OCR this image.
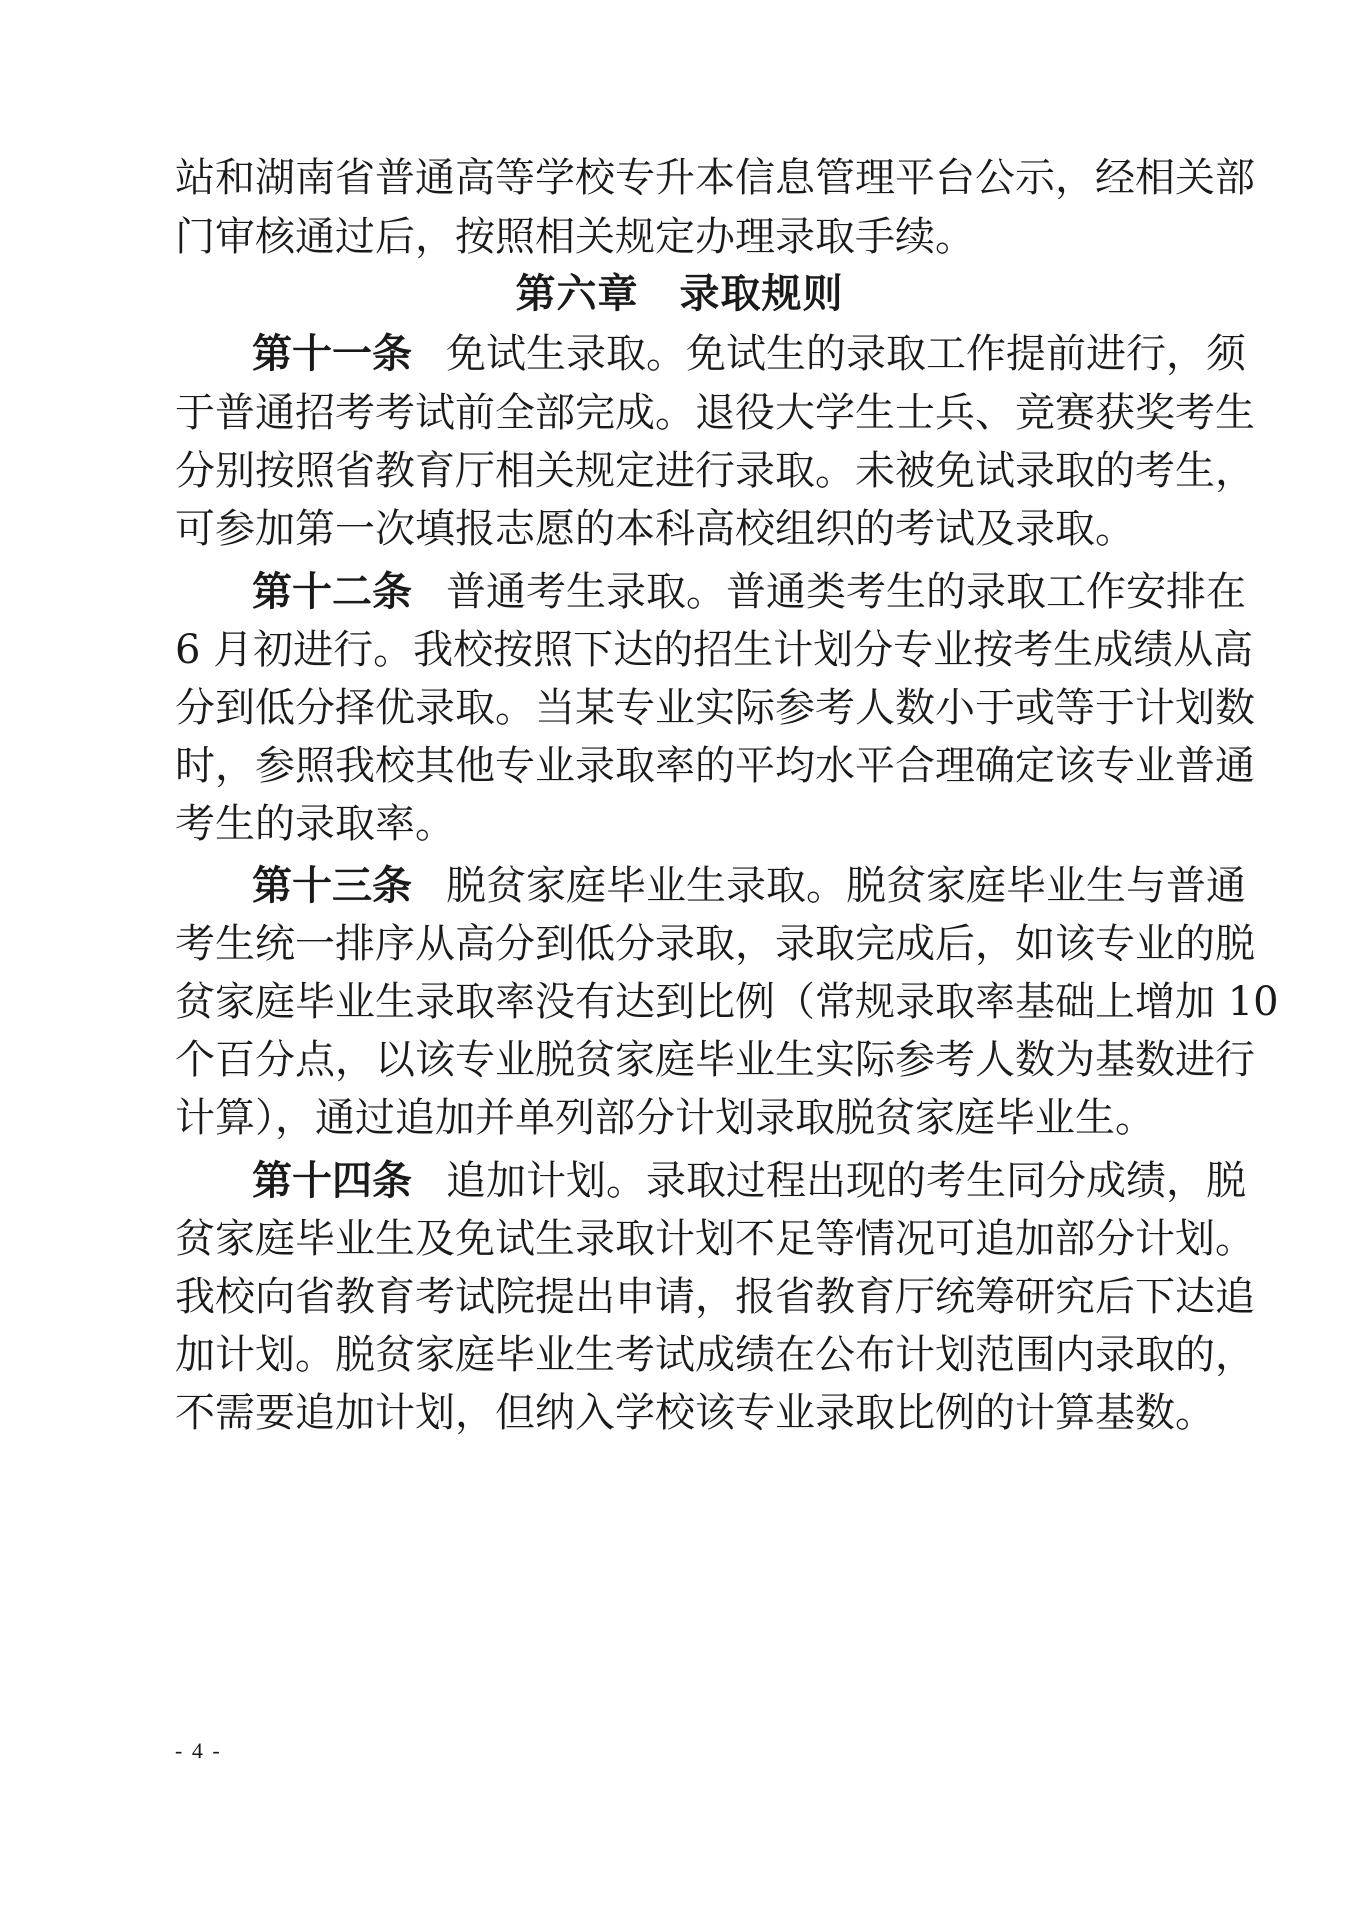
站和湖南省普通高等学校专升本信息管理平台公示，经相关部
门审核通过后，按照相关规定办理录取手续。
第六章　录取规则
第十一条 免试生录取。免试生的录取工作提前进行，须
于普通招考考试前全部完成。退役大学生士兵、竞赛获奖考生
分别按照省教育厅相关规定进行录取。未被免试录取的考生，
可参加第一次填报志愿的本科高校组织的考试及录取。
第十二条 普通考生录取。普通类考生的录取工作安排在
6 月初进行。我校按照下达的招生计划分专业按考生成绩从高
分到低分择优录取。当某专业实际参考人数小于或等于计划数
时，参照我校其他专业录取率的平均水平合理确定该专业普通
考生的录取率。
第十三条 脱贫家庭毕业生录取。脱贫家庭毕业生与普通
考生统一排序从高分到低分录取，录取完成后，如该专业的脱
贫家庭毕业生录取率没有达到比例（常规录取率基础上增加 10
个百分点，以该专业脱贫家庭毕业生实际参考人数为基数进行
计算），通过追加并单列部分计划录取脱贫家庭毕业生。
第十四条 追加计划。录取过程出现的考生同分成绩，脱
贫家庭毕业生及免试生录取计划不足等情况可追加部分计划。
我校向省教育考试院提出申请，报省教育厅统筹研究后下达追
加计划。脱贫家庭毕业生考试成绩在公布计划范围内录取的，
不需要追加计划，但纳入学校该专业录取比例的计算基数。
- 4 -
